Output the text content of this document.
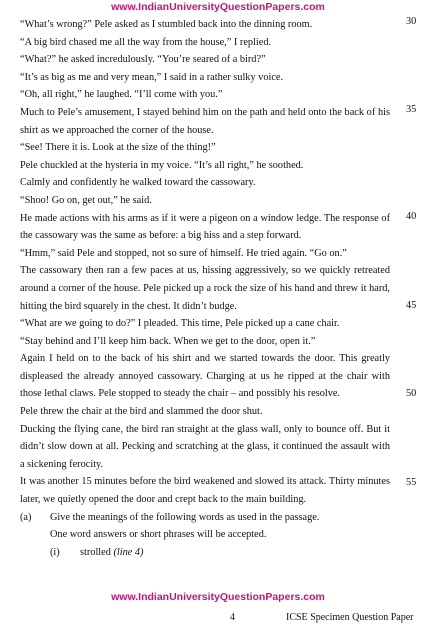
www.IndianUniversityQuestionPapers.com

“What’s wrong?” Pele asked as I stumbled back into the dinning room.

“A big bird chased me all the way from the house,” I replied.

“What?” he asked incredulously. “You’re seared of a bird?”

“It’s as big as me and very mean,” I said in a rather sulky voice.

“Oh, all right,” he laughed. “I’ll come with you.”

Much to Pele’s amusement, I stayed behind him on the path and held onto the back of his shirt as we approached the corner of the house.

“See! There it is. Look at the size of the thing!”

Pele chuckled at the hysteria in my voice. “It’s all right,” he soothed.

Calmly and confidently he walked toward the cassowary.

“Shoo! Go on, get out,” he said.

He made actions with his arms as if it were a pigeon on a window ledge. The response of the cassowary was the same as before: a big hiss and a step forward.

“Hmm,” said Pele and stopped, not so sure of himself. He tried again. “Go on.”

The cassowary then ran a few paces at us, hissing aggressively, so we quickly retreated around a corner of the house. Pele picked up a rock the size of his hand and threw it hard, hitting the bird squarely in the chest. It didn’t budge.

“What are we going to do?” I pleaded. This time, Pele picked up a cane chair.

“Stay behind and I’ll keep him back. When we get to the door, open it.”

Again I held on to the back of his shirt and we started towards the door. This greatly displeased the already annoyed cassowary. Charging at us he ripped at the chair with those lethal claws. Pele stopped to steady the chair – and possibly his resolve.

Pele threw the chair at the bird and slammed the door shut.

Ducking the flying cane, the bird ran straight at the glass wall, only to bounce off. But it didn’t slow down at all. Pecking and scratching at the glass, it continued the assault with a sickening ferocity.

It was another 15 minutes before the bird weakened and slowed its attack. Thirty minutes later, we quietly opened the door and crept back to the main building.

(a) Give the meanings of the following words as used in the passage.

One word answers or short phrases will be accepted.

(i) strolled (line 4)

30
35
40
45
50
55
www.IndianUniversityQuestionPapers.com
4	ICSE Specimen Question Paper
